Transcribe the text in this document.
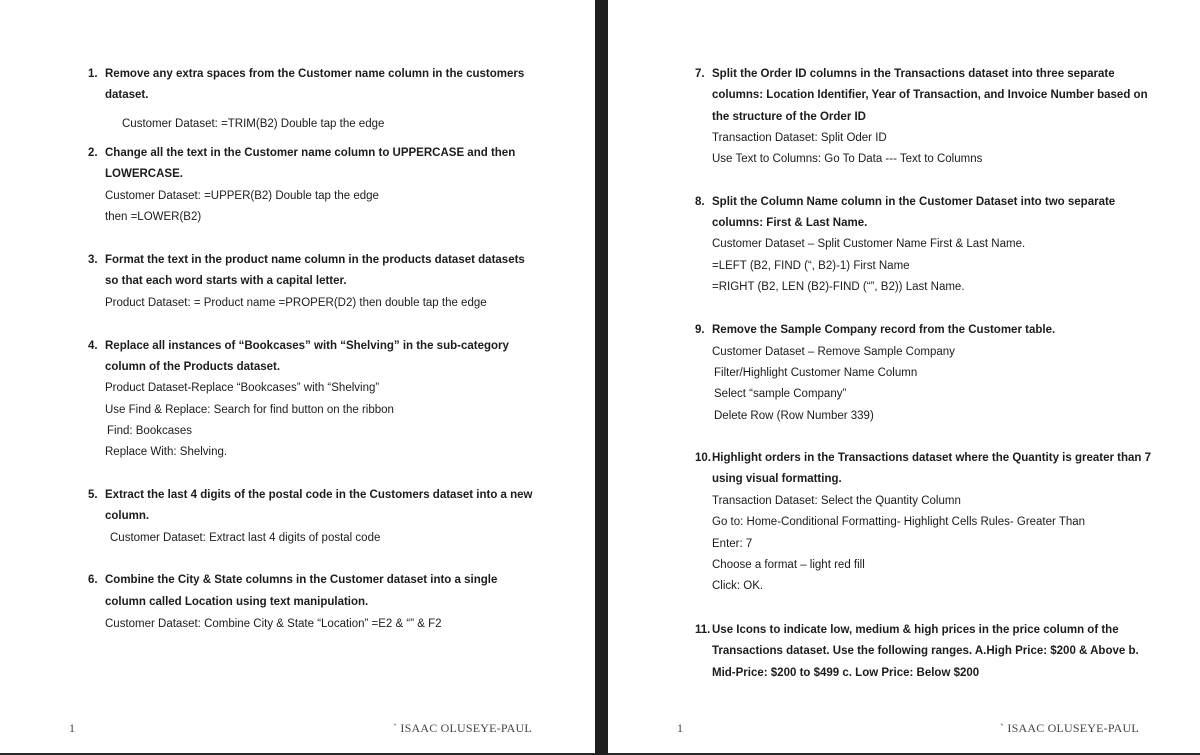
1. Remove any extra spaces from the Customer name column in the customers
dataset.
Customer Dataset: =TRIM(B2) Double tap the edge
2. Change all the text in the Customer name column to UPPERCASE and then
LOWERCASE.
Customer Dataset: =UPPER(B2) Double tap the edge
then =LOWER(B2)
3. Format the text in the product name column in the products dataset datasets
so that each word starts with a capital letter.
Product Dataset: = Product name =PROPER(D2) then double tap the edge
4. Replace all instances of “Bookcases” with “Shelving” in the sub-category
column of the Products dataset.
Product Dataset-Replace “Bookcases” with “Shelving”
Use Find & Replace: Search for find button on the ribbon
Find: Bookcases
Replace With: Shelving.
5. Extract the last 4 digits of the postal code in the Customers dataset into a new
column.
Customer Dataset: Extract last 4 digits of postal code
6. Combine the City & State columns in the Customer dataset into a single
column called Location using text manipulation.
Customer Dataset: Combine City & State “Location” =E2 & “” & F2
1	` ISAAC OLUSEYE-PAUL
7. Split the Order ID columns in the Transactions dataset into three separate
columns: Location Identifier, Year of Transaction, and Invoice Number based on
the structure of the Order ID
Transaction Dataset: Split Oder ID
Use Text to Columns: Go To Data --- Text to Columns
8. Split the Column Name column in the Customer Dataset into two separate
columns: First & Last Name.
Customer Dataset – Split Customer Name First & Last Name.
=LEFT (B2, FIND (“, B2)-1) First Name
=RIGHT (B2, LEN (B2)-FIND (“”, B2)) Last Name.
9. Remove the Sample Company record from the Customer table.
Customer Dataset – Remove Sample Company
Filter/Highlight Customer Name Column
Select “sample Company”
Delete Row (Row Number 339)
10. Highlight orders in the Transactions dataset where the Quantity is greater than 7
using visual formatting.
Transaction Dataset: Select the Quantity Column
Go to: Home-Conditional Formatting- Highlight Cells Rules- Greater Than
Enter: 7
Choose a format – light red fill
Click: OK.
11. Use Icons to indicate low, medium & high prices in the price column of the
Transactions dataset. Use the following ranges. A.High Price: $200 & Above b.
Mid-Price: $200 to $499 c. Low Price: Below $200
1	` ISAAC OLUSEYE-PAUL
